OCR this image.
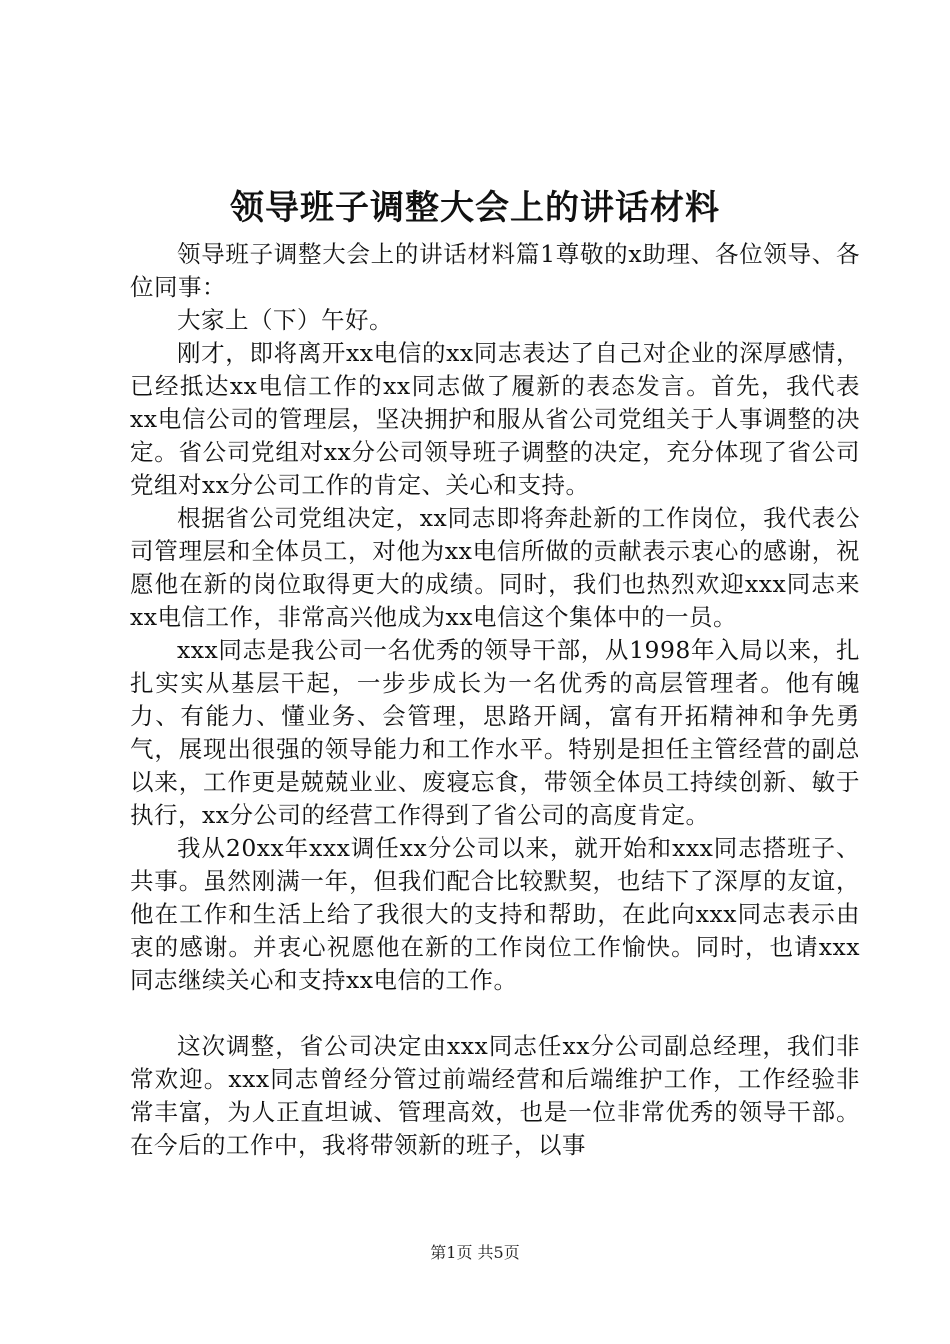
领导班子调整大会上的讲话材料

领导班子调整大会上的讲话材料篇1尊敬的x助理、各位领导、各位同事：

大家上（下）午好。

刚才，即将离开xx电信的xx同志表达了自己对企业的深厚感情，已经抵达xx电信工作的xx同志做了履新的表态发言。首先，我代表xx电信公司的管理层，坚决拥护和服从省公司党组关于人事调整的决定。省公司党组对xx分公司领导班子调整的决定，充分体现了省公司党组对xx分公司工作的肯定、关心和支持。

根据省公司党组决定，xx同志即将奔赴新的工作岗位，我代表公司管理层和全体员工，对他为xx电信所做的贡献表示衷心的感谢，祝愿他在新的岗位取得更大的成绩。同时，我们也热烈欢迎xxx同志来xx电信工作，非常高兴他成为xx电信这个集体中的一员。

xxx同志是我公司一名优秀的领导干部，从1998年入局以来，扎扎实实从基层干起，一步步成长为一名优秀的高层管理者。他有魄力、有能力、懂业务、会管理，思路开阔，富有开拓精神和争先勇气，展现出很强的领导能力和工作水平。特别是担任主管经营的副总以来，工作更是兢兢业业、废寝忘食，带领全体员工持续创新、敏于执行，xx分公司的经营工作得到了省公司的高度肯定。

我从20xx年xxx调任xx分公司以来，就开始和xxx同志搭班子、共事。虽然刚满一年，但我们配合比较默契，也结下了深厚的友谊，他在工作和生活上给了我很大的支持和帮助，在此向xxx同志表示由衷的感谢。并衷心祝愿他在新的工作岗位工作愉快。同时，也请xxx同志继续关心和支持xx电信的工作。

这次调整，省公司决定由xxx同志任xx分公司副总经理，我们非常欢迎。xxx同志曾经分管过前端经营和后端维护工作，工作经验非常丰富，为人正直坦诚、管理高效，也是一位非常优秀的领导干部。在今后的工作中，我将带领新的班子，以事

第1页 共5页
